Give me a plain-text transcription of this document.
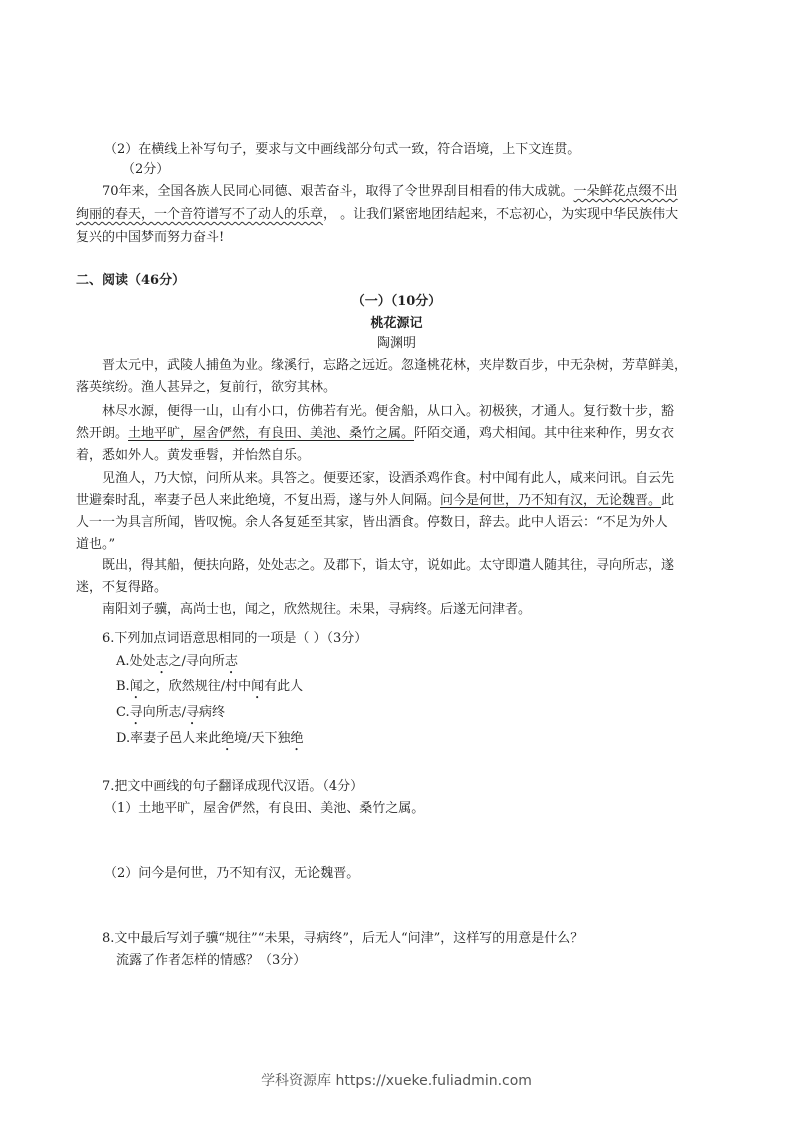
（2）在横线上补写句子，要求与文中画线部分句式一致，符合语境，上下文连贯。
（2分）
70年来，全国各族人民同心同德、艰苦奋斗，取得了令世界刮目相看的伟大成就。一朵鲜花点缀不出
绚丽的春天，一个音符谱写不了动人的乐章， 。让我们紧密地团结起来，不忘初心，为实现中华民族伟大
复兴的中国梦而努力奋斗!
二、阅读（46分）
（一）（10分）
桃花源记
陶渊明
晋太元中，武陵人捕鱼为业。缘溪行，忘路之远近。忽逢桃花林，夹岸数百步，中无杂树，芳草鲜美，
落英缤纷。渔人甚异之，复前行，欲穷其林。
林尽水源，便得一山，山有小口，仿佛若有光。便舍船，从口入。初极狭，才通人。复行数十步，豁
然开朗。土地平旷，屋舍俨然，有良田、美池、桑竹之属。阡陌交通，鸡犬相闻。其中往来种作，男女衣
着，悉如外人。黄发垂髫，并怡然自乐。
见渔人，乃大惊，问所从来。具答之。便要还家，设酒杀鸡作食。村中闻有此人，咸来问讯。自云先
世避秦时乱，率妻子邑人来此绝境，不复出焉，遂与外人间隔。问今是何世，乃不知有汉，无论魏晋。此
人一一为具言所闻，皆叹惋。余人各复延至其家，皆出酒食。停数日，辞去。此中人语云：“不足为外人
道也。”
既出，得其船，便扶向路，处处志之。及郡下，诣太守，说如此。太守即遣人随其往，寻向所志，遂
迷，不复得路。
南阳刘子骥，高尚士也，闻之，欣然规往。未果，寻病终。后遂无问津者。
6.下列加点词语意思相同的一项是（ ）（3分）
A.处处志之/寻向所志
B.闻之，欣然规往/村中闻有此人
C.寻向所志/寻病终
D.率妻子邑人来此绝境/天下独绝
7.把文中画线的句子翻译成现代汉语。（4分）
（1）土地平旷，屋舍俨然，有良田、美池、桑竹之属。
（2）问今是何世，乃不知有汉，无论魏晋。
8.文中最后写刘子骥“规往”“未果，寻病终”，后无人“问津”，这样写的用意是什么？
流露了作者怎样的情感？（3分）
学科资源库 https://xueke.fuliadmin.com
